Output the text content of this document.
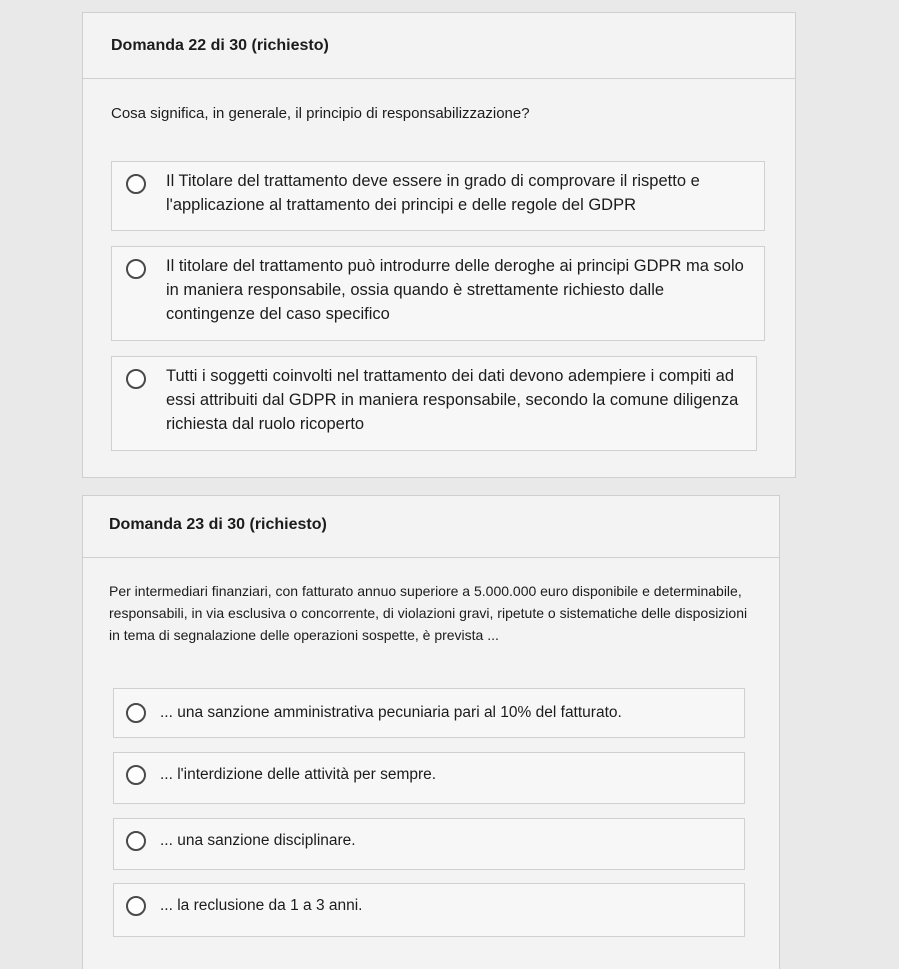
Domanda 22 di 30 (richiesto)
Cosa significa, in generale, il principio di responsabilizzazione?
Il Titolare del trattamento deve essere in grado di comprovare il rispetto e l'applicazione al trattamento dei principi e delle regole del GDPR
Il titolare del trattamento può introdurre delle deroghe ai principi GDPR ma solo in maniera responsabile, ossia quando è strettamente richiesto dalle contingenze del caso specifico
Tutti i soggetti coinvolti nel trattamento dei dati devono adempiere i compiti ad essi attribuiti dal GDPR in maniera responsabile, secondo la comune diligenza richiesta dal ruolo ricoperto
Domanda 23 di 30 (richiesto)
Per intermediari finanziari, con fatturato annuo superiore a 5.000.000 euro disponibile e determinabile, responsabili, in via esclusiva o concorrente, di violazioni gravi, ripetute o sistematiche delle disposizioni in tema di segnalazione delle operazioni sospette, è prevista ...
... una sanzione amministrativa pecuniaria pari al 10% del fatturato.
... l'interdizione delle attività per sempre.
... una sanzione disciplinare.
... la reclusione da 1 a 3 anni.
